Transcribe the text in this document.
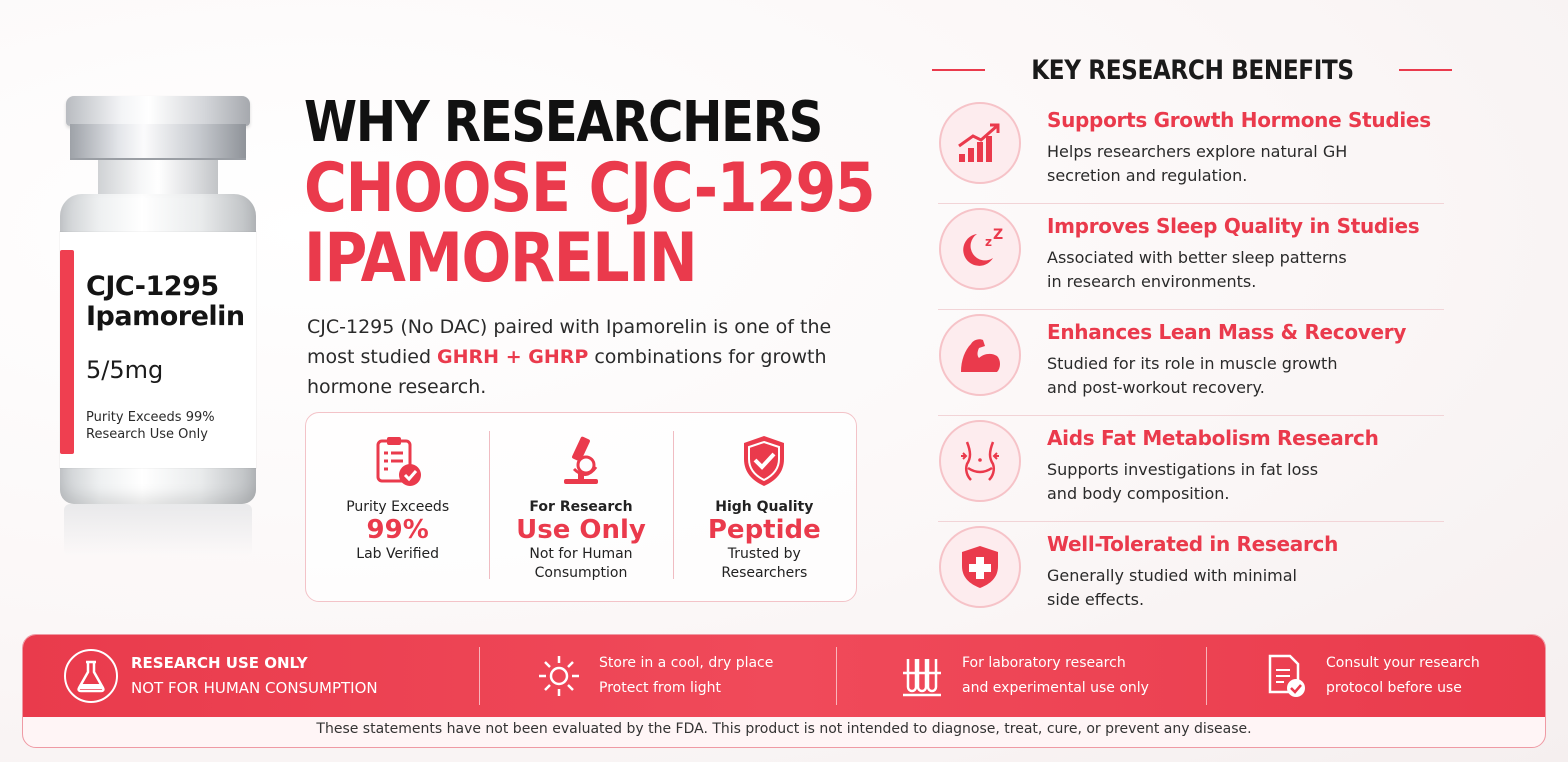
CJC-1295
Ipamorelin
5/5mg
Purity Exceeds 99%
Research Use Only
WHY RESEARCHERS
CHOOSE CJC-1295
IPAMORELIN

CJC-1295 (No DAC) paired with Ipamorelin is one of the most studied GHRH + GHRP combinations for growth hormone research.

Purity Exceeds
99%
Lab Verified
For Research
Use Only
Not for Human Consumption
High Quality
Peptide
Trusted by Researchers
KEY RESEARCH BENEFITS
Supports Growth Hormone Studies
Helps researchers explore natural GH
secretion and regulation.
z Z Improves Sleep Quality in Studies
Associated with better sleep patterns
in research environments.
Enhances Lean Mass & Recovery
Studied for its role in muscle growth
and post-workout recovery.
Aids Fat Metabolism Research
Supports investigations in fat loss
and body composition.
Well-Tolerated in Research
Generally studied with minimal
side effects.
RESEARCH USE ONLY
NOT FOR HUMAN CONSUMPTION
Store in a cool, dry place
Protect from light
For laboratory research
and experimental use only
Consult your research
protocol before use
These statements have not been evaluated by the FDA. This product is not intended to diagnose, treat, cure, or prevent any disease.
